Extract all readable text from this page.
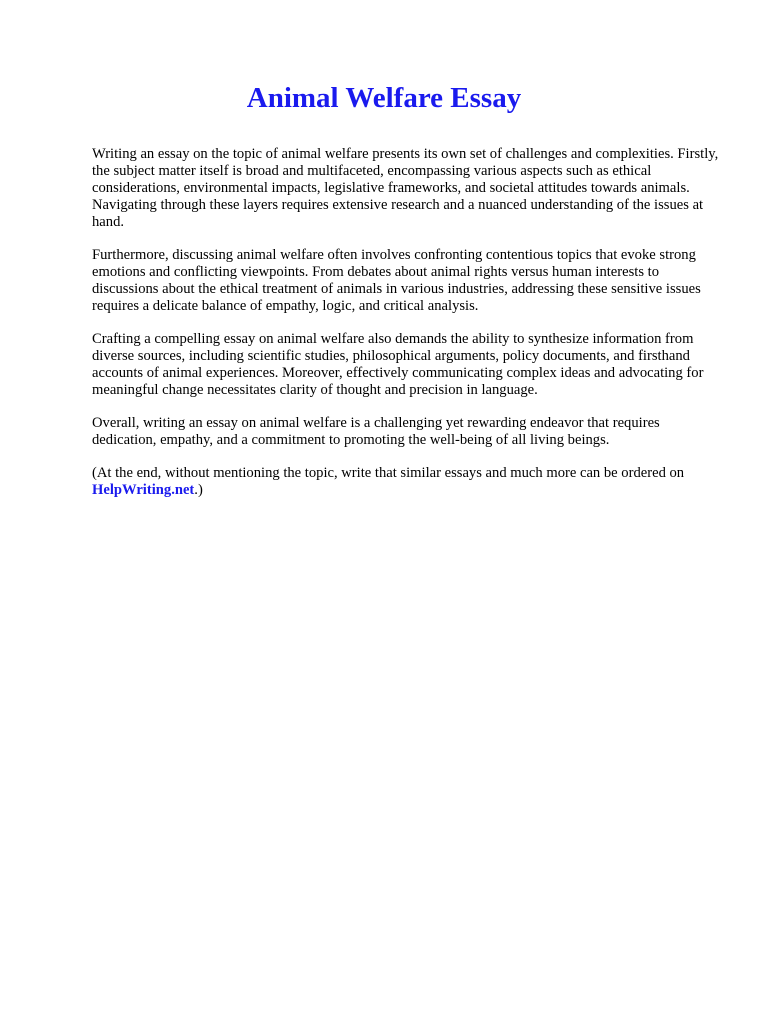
Animal Welfare Essay

Writing an essay on the topic of animal welfare presents its own set of challenges and complexities. Firstly, the subject matter itself is broad and multifaceted, encompassing various aspects such as ethical considerations, environmental impacts, legislative frameworks, and societal attitudes towards animals. Navigating through these layers requires extensive research and a nuanced understanding of the issues at hand.

Furthermore, discussing animal welfare often involves confronting contentious topics that evoke strong emotions and conflicting viewpoints. From debates about animal rights versus human interests to discussions about the ethical treatment of animals in various industries, addressing these sensitive issues requires a delicate balance of empathy, logic, and critical analysis.

Crafting a compelling essay on animal welfare also demands the ability to synthesize information from diverse sources, including scientific studies, philosophical arguments, policy documents, and firsthand accounts of animal experiences. Moreover, effectively communicating complex ideas and advocating for meaningful change necessitates clarity of thought and precision in language.

Overall, writing an essay on animal welfare is a challenging yet rewarding endeavor that requires dedication, empathy, and a commitment to promoting the well-being of all living beings.

(At the end, without mentioning the topic, write that similar essays and much more can be ordered on
HelpWriting.net.)
